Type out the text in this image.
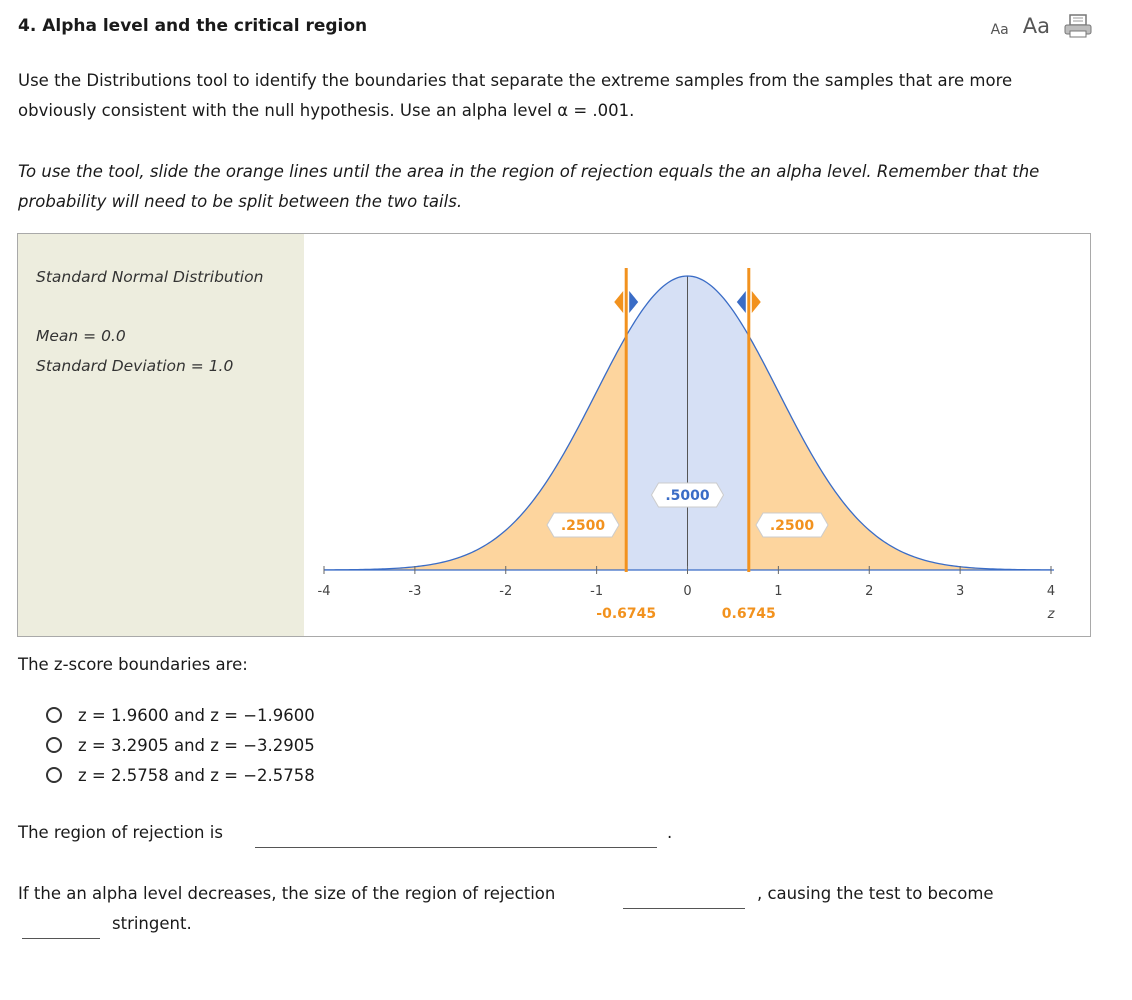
4. Alpha level and the critical region	Aa Aa
Use the Distributions tool to identify the boundaries that separate the extreme samples from the samples that are more obviously consistent with the null hypothesis. Use an alpha level α = .001.
To use the tool, slide the orange lines until the area in the region of rejection equals the an alpha level. Remember that the probability will need to be split between the two tails.
Standard Normal Distribution
Mean = 0.0
Standard Deviation = 1.0
-4	-3	-2	-1	0	1	2	3	4
z
.5000
.2500	.2500
-0.6745	0.6745
The z-score boundaries are:
z = 1.9600 and z = −1.9600
z = 3.2905 and z = −3.2905
z = 2.5758 and z = −2.5758
The region of rejection is	.
If the an alpha level decreases, the size of the region of rejection	, causing the test to become
stringent.
